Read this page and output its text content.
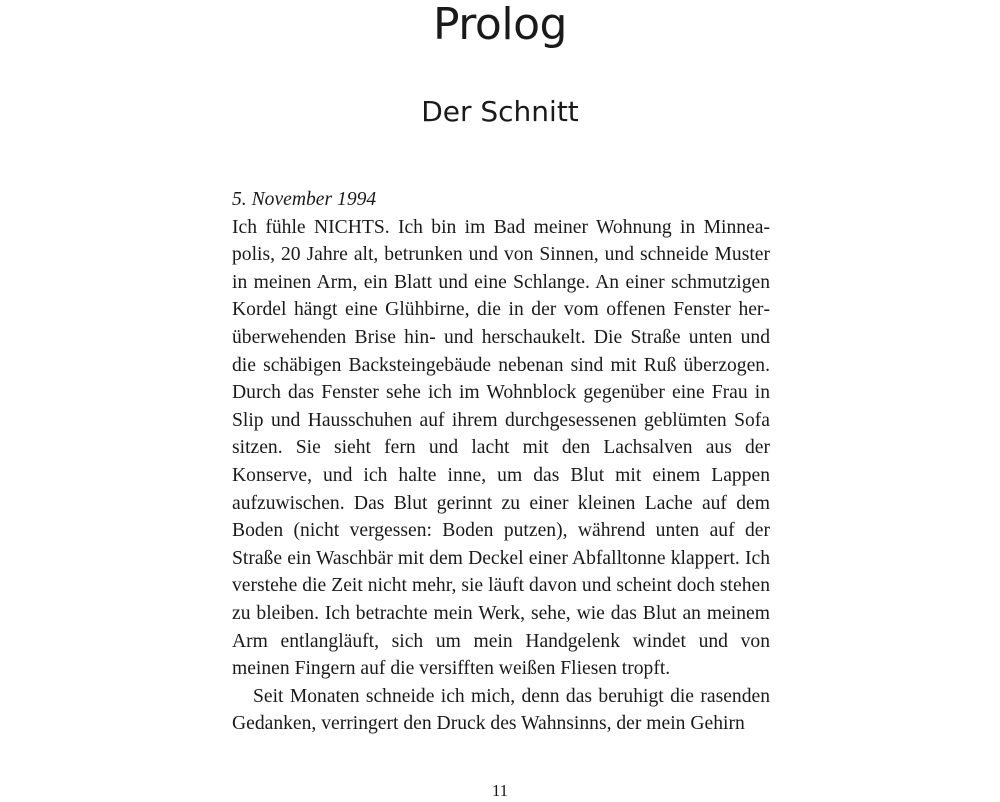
Prolog
Der Schnitt

5. November 1994

Ich fühle NICHTS. Ich bin im Bad meiner Wohnung in Minneapolis, 20 Jahre alt, betrunken und von Sinnen, und schneide Muster in meinen Arm, ein Blatt und eine Schlange. An einer schmutzigen Kordel hängt eine Glühbirne, die in der vom offenen Fenster herüberwehenden Brise hin- und herschaukelt. Die Straße unten und die schäbigen Backsteingebäude nebenan sind mit Ruß überzogen. Durch das Fenster sehe ich im Wohnblock gegenüber eine Frau in Slip und Hausschuhen auf ihrem durchgesessenen geblümten Sofa sitzen. Sie sieht fern und lacht mit den Lachsalven aus der Konserve, und ich halte inne, um das Blut mit einem Lappen aufzuwischen. Das Blut gerinnt zu einer kleinen Lache auf dem Boden (nicht vergessen: Boden putzen), während unten auf der Straße ein Waschbär mit dem Deckel einer Abfalltonne klappert. Ich verstehe die Zeit nicht mehr, sie läuft davon und scheint doch stehen zu bleiben. Ich betrachte mein Werk, sehe, wie das Blut an meinem Arm entlangläuft, sich um mein Handgelenk windet und von meinen Fingern auf die versifften weißen Fliesen tropft.

Seit Monaten schneide ich mich, denn das beruhigt die rasenden Gedanken, verringert den Druck des Wahnsinns, der mein Gehirn

11
